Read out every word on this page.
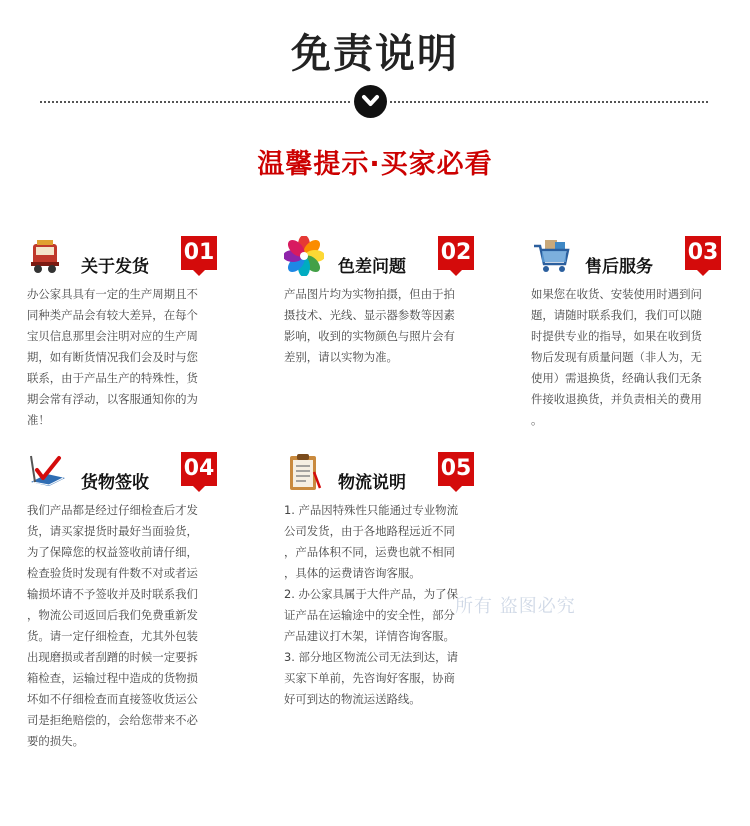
免责说明
温馨提示·买家必看
关于发货
01
办公家具具有一定的生产周期且不
同种类产品会有较大差异，在每个
宝贝信息那里会注明对应的生产周
期，如有断货情况我们会及时与您
联系，由于产品生产的特殊性，货
期会常有浮动，以客服通知你的为
准！
色差问题
02
产品图片均为实物拍摄，但由于拍
摄技术、光线、显示器参数等因素
影响，收到的实物颜色与照片会有
差别，请以实物为准。
售后服务
03
如果您在收货、安装使用时遇到问
题，请随时联系我们，我们可以随
时提供专业的指导，如果在收到货
物后发现有质量问题（非人为，无
使用）需退换货，经确认我们无条
件接收退换货，并负责相关的费用
。
货物签收
04
我们产品都是经过仔细检查后才发
货，请买家提货时最好当面验货，
为了保障您的权益签收前请仔细，
检查验货时发现有件数不对或者运
输损坏请不予签收并及时联系我们
，物流公司返回后我们免费重新发
货。请一定仔细检查，尤其外包装
出现磨损或者刮蹭的时候一定要拆
箱检查，运输过程中造成的货物损
坏如不仔细检查而直接签收货运公
司是拒绝赔偿的，会给您带来不必
要的损失。
物流说明
05
1. 产品因特殊性只能通过专业物流
公司发货，由于各地路程远近不同
，产品体积不同，运费也就不相同
，具体的运费请咨询客服。
2. 办公家具属于大件产品，为了保
证产品在运输途中的安全性，部分
产品建议打木架，详情咨询客服。
3. 部分地区物流公司无法到达，请
买家下单前，先咨询好客服，协商
好可到达的物流运送路线。
所有 盗图必究
